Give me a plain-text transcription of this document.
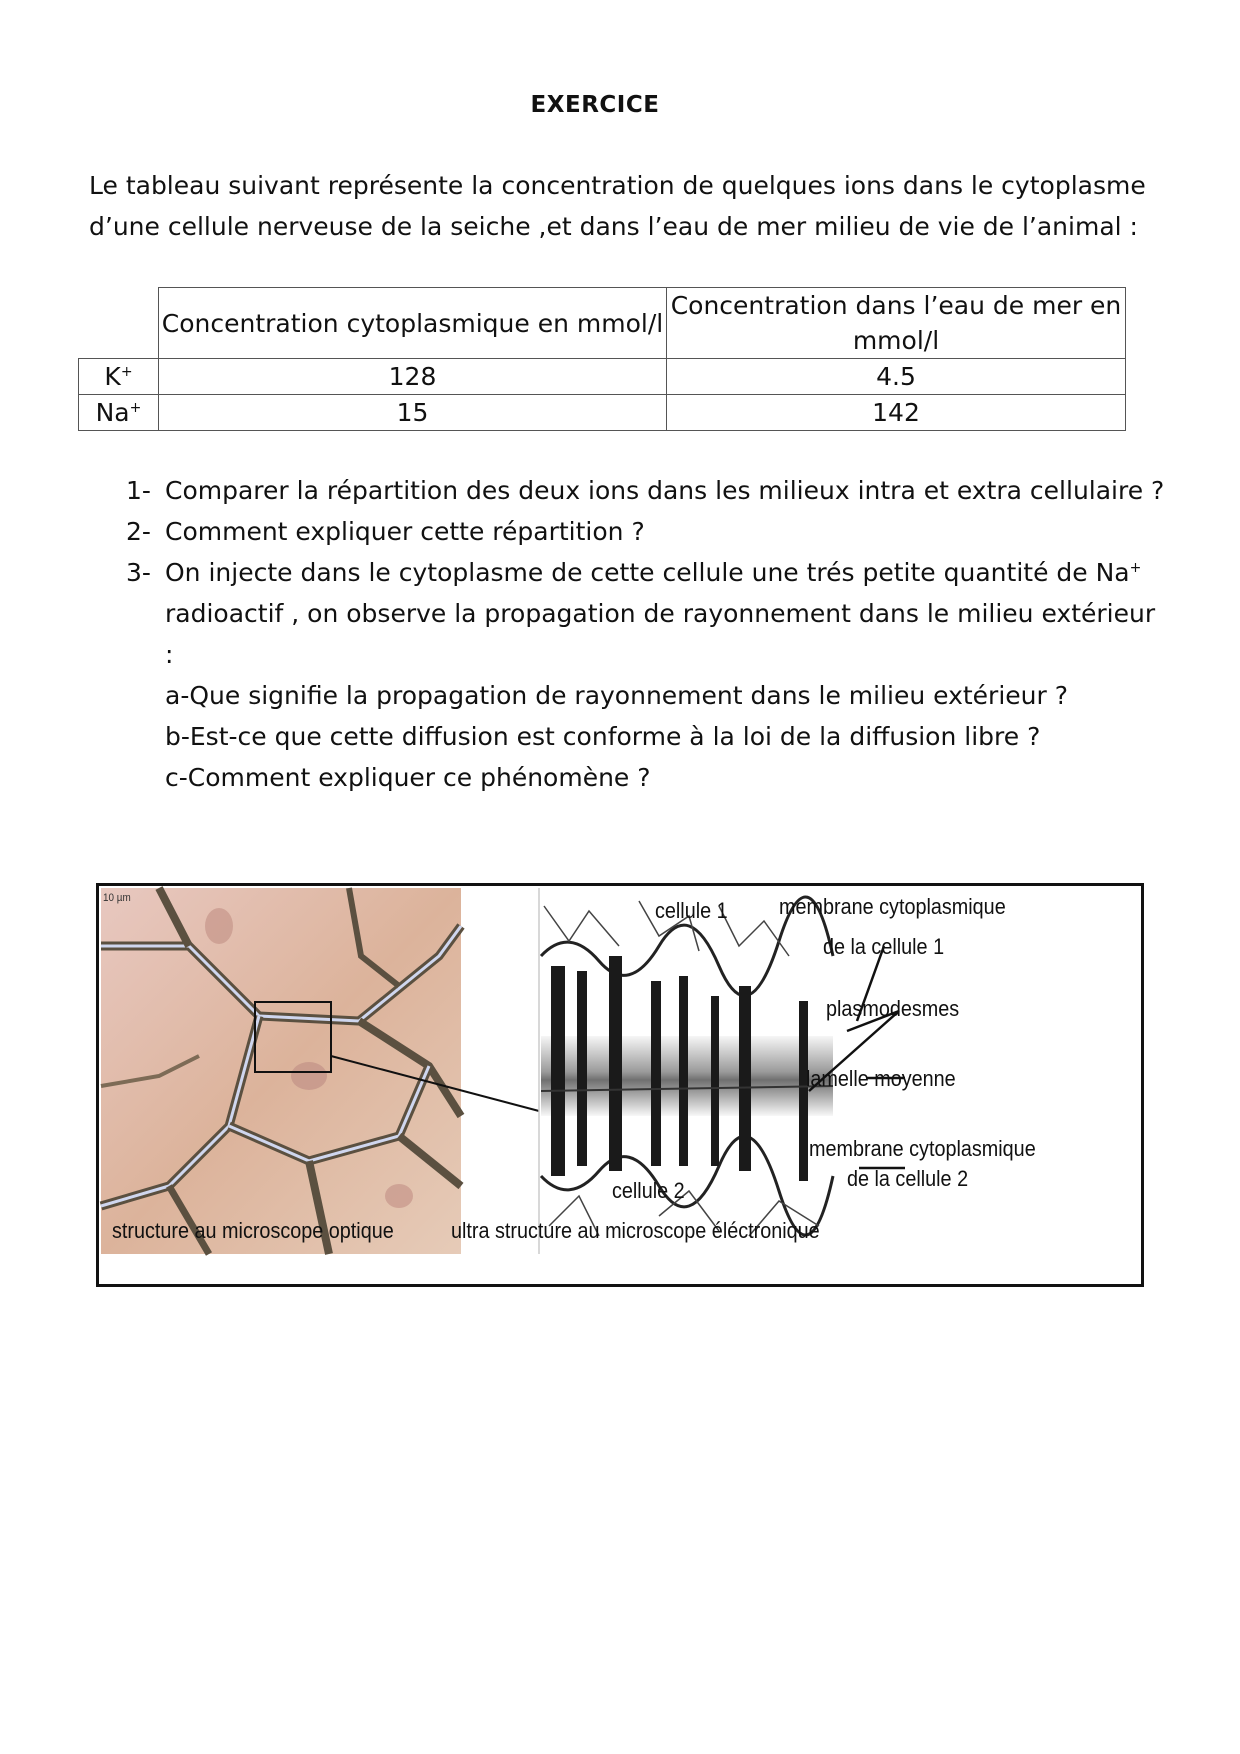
EXERCICE
Le tableau suivant représente la concentration de quelques ions dans le cytoplasme d’une cellule nerveuse de la seiche ,et dans l’eau de mer milieu de vie de l’animal :
	Concentration cytoplasmique en mmol/l	Concentration dans l’eau de mer en mmol/l
K+	128	4.5
Na+	15	142
1- Comparer la répartition des deux ions dans les milieux intra et extra cellulaire ?
2- Comment expliquer cette répartition ?
3- On injecte dans le cytoplasme de cette cellule une trés petite quantité de Na+ radioactif , on observe la propagation de rayonnement dans le milieu extérieur :
a- Que signifie la propagation de rayonnement dans le milieu extérieur ?
b- Est-ce que cette diffusion est conforme à la loi de la diffusion libre ?
c- Comment expliquer ce phénomène ?
cellule 1 membrane cytoplasmique
de la cellule 1
plasmodesmes
lamelle moyenne
membrane cytoplasmique
de la cellule 2
cellule 2
structure au microscope optique	ultra structure au microscope éléctronique
10 µm
